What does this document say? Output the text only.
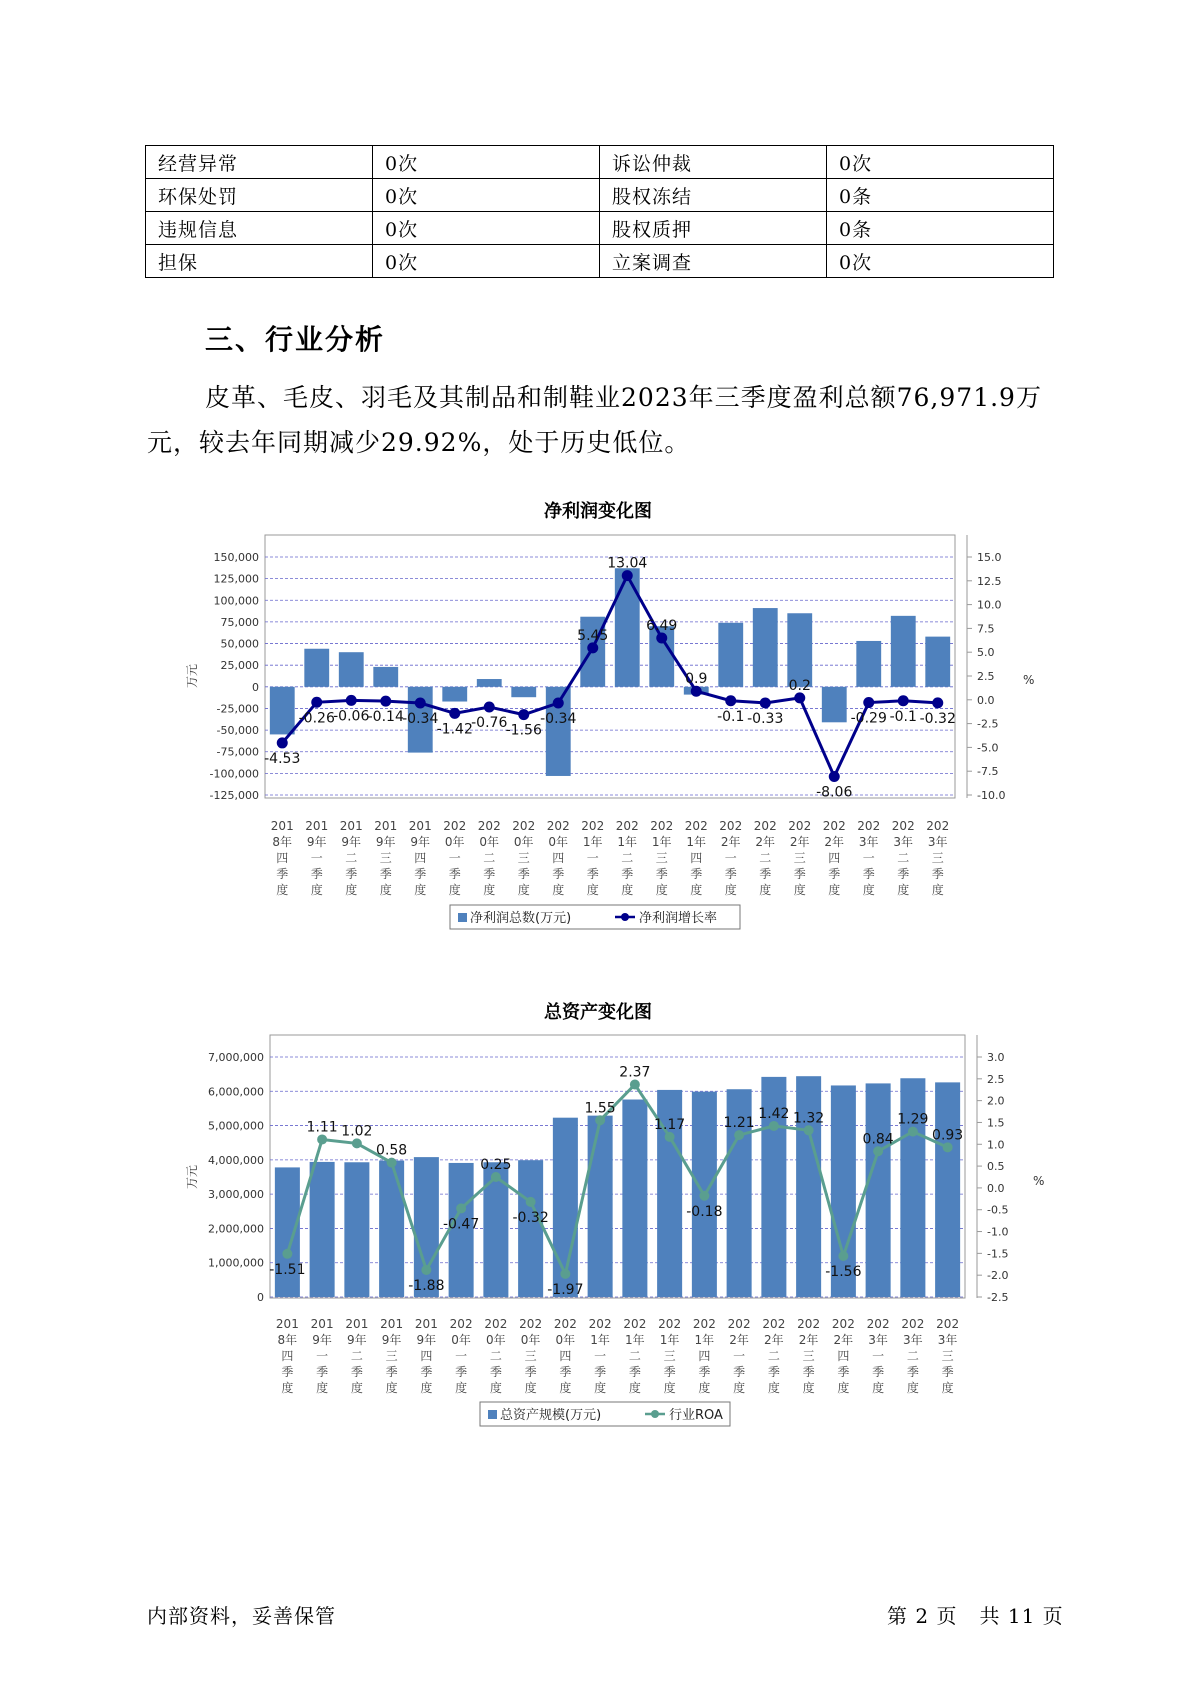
经营异常	0次	诉讼仲裁	0次
环保处罚	0次	股权冻结	0条
违规信息	0次	股权质押	0条
担保	0次	立案调查	0次
三、行业分析
皮革、毛皮、羽毛及其制品和制鞋业2023年三季度盈利总额76,971.9万元，较去年同期减少29.92%，处于历史低位。
净利润变化图
150,000
125,000
100,000
75,000
50,000
25,000
0
-25,000
-50,000
-75,000
-100,000
-125,000
15.0
12.5
10.0
7.5
5.0
2.5
0.0
-2.5
-5.0
-7.5
-10.0
万元	%
-4.53
-0.26
-0.06
-0.14
-0.34
-1.42
-0.76
-1.56
-0.34
5.45
13.04
6.49
0.9
-0.1 -0.33
0.2
-8.06
-0.29 -0.1 -0.32
201
8年
四
季
度
201
9年
一
季
度
201
9年
二
季
度
201
9年
三
季
度
201
9年
四
季
度
202
0年
一
季
度
202
0年
二
季
度
202
0年
三
季
度
202
0年
四
季
度
202
1年
一
季
度
202
1年
二
季
度
202
1年
三
季
度
202
1年
四
季
度
202
2年
一
季
度
202
2年
二
季
度
202
2年
三
季
度
202
2年
四
季
度
202
3年
一
季
度
202
3年
二
季
度
202
3年
三
季
度
净利润总数(万元)	净利润增长率
总资产变化图
7,000,000
6,000,000
5,000,000
4,000,000
3,000,000
2,000,000
1,000,000
0
3.0
2.5
2.0
1.5
1.0
0.5
0.0
-0.5
-1.0
-1.5
-2.0
-2.5
万元	%
-1.51
1.11 1.02
0.58
-1.88
-0.47
0.25
-0.32
-1.97
1.55
2.37
1.17
-0.18
1.21
1.42 1.32
-1.56
0.84
1.29
0.93
201
8年
四
季
度
201
9年
一
季
度
201
9年
二
季
度
201
9年
三
季
度
201
9年
四
季
度
202
0年
一
季
度
202
0年
二
季
度
202
0年
三
季
度
202
0年
四
季
度
202
1年
一
季
度
202
1年
二
季
度
202
1年
三
季
度
202
1年
四
季
度
202
2年
一
季
度
202
2年
二
季
度
202
2年
三
季
度
202
2年
四
季
度
202
3年
一
季
度
202
3年
二
季
度
202
3年
三
季
度
总资产规模(万元)	行业ROA
内部资料，妥善保管	第 2 页   共 11 页
